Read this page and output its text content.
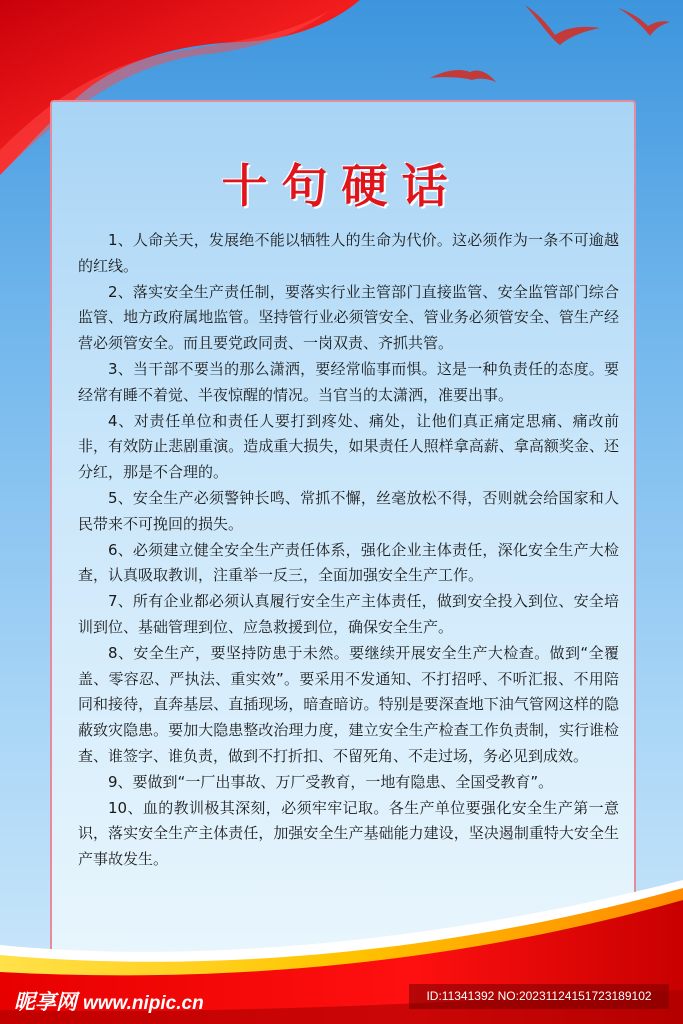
十句硬话

1、人命关天，发展绝不能以牺牲人的生命为代价。这必须作为一条不可逾越的红线。

2、落实安全生产责任制，要落实行业主管部门直接监管、安全监管部门综合监管、地方政府属地监管。坚持管行业必须管安全、管业务必须管安全、管生产经营必须管安全。而且要党政同责、一岗双责、齐抓共管。

3、当干部不要当的那么潇洒，要经常临事而惧。这是一种负责任的态度。要经常有睡不着觉、半夜惊醒的情况。当官当的太潇洒，准要出事。

4、对责任单位和责任人要打到疼处、痛处，让他们真正痛定思痛、痛改前非，有效防止悲剧重演。造成重大损失，如果责任人照样拿高薪、拿高额奖金、还分红，那是不合理的。

5、安全生产必须警钟长鸣、常抓不懈，丝毫放松不得，否则就会给国家和人民带来不可挽回的损失。

6、必须建立健全安全生产责任体系，强化企业主体责任，深化安全生产大检查，认真吸取教训，注重举一反三，全面加强安全生产工作。

7、所有企业都必须认真履行安全生产主体责任，做到安全投入到位、安全培训到位、基础管理到位、应急救援到位，确保安全生产。

8、安全生产，要坚持防患于未然。要继续开展安全生产大检查。做到“全覆盖、零容忍、严执法、重实效”。要采用不发通知、不打招呼、不听汇报、不用陪同和接待，直奔基层、直插现场，暗查暗访。特别是要深查地下油气管网这样的隐蔽致灾隐患。要加大隐患整改治理力度，建立安全生产检查工作负责制，实行谁检查、谁签字、谁负责，做到不打折扣、不留死角、不走过场，务必见到成效。

9、要做到“一厂出事故、万厂受教育，一地有隐患、全国受教育”。

10、血的教训极其深刻，必须牢牢记取。各生产单位要强化安全生产第一意识，落实安全生产主体责任，加强安全生产基础能力建设，坚决遏制重特大安全生产事故发生。

昵享网 www.nipic.cn	ID:11341392 NO:20231124151723189102
